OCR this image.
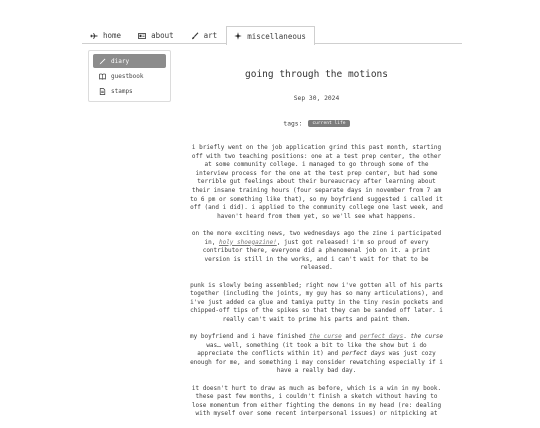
home	about	art	miscellaneous
diary
guestbook
stamps
going through the motions
Sep 30, 2024
tags: current life

i briefly went on the job application grind this past month, starting off with two teaching positions: one at a test prep center, the other at some community college. i managed to go through some of the interview process for the one at the test prep center, but had some terrible gut feelings about their bureaucracy after learning about their insane training hours (four separate days in november from 7 am to 6 pm or something like that), so my boyfriend suggested i called it off (and i did). i applied to the community college one last week, and haven't heard from them yet, so we'll see what happens.

on the more exciting news, two wednesdays ago the zine i participated in, holy shoegazine!, just got released! i'm so proud of every contributor there, everyone did a phenomenal job on it. a print version is still in the works, and i can't wait for that to be released.

punk is slowly being assembled; right now i've gotten all of his parts together (including the joints, my guy has so many articulations), and i've just added ca glue and tamiya putty in the tiny resin pockets and chipped-off tips of the spikes so that they can be sanded off later. i really can't wait to prime his parts and paint them.

my boyfriend and i have finished the curse and perfect days. the curse was… well, something (it took a bit to like the show but i do appreciate the conflicts within it) and perfect days was just cozy enough for me, and something i may consider rewatching especially if i have a really bad day.

it doesn't hurt to draw as much as before, which is a win in my book. these past few months, i couldn't finish a sketch without having to lose momentum from either fighting the demons in my head (re: dealing with myself over some recent interpersonal issues) or nitpicking at
